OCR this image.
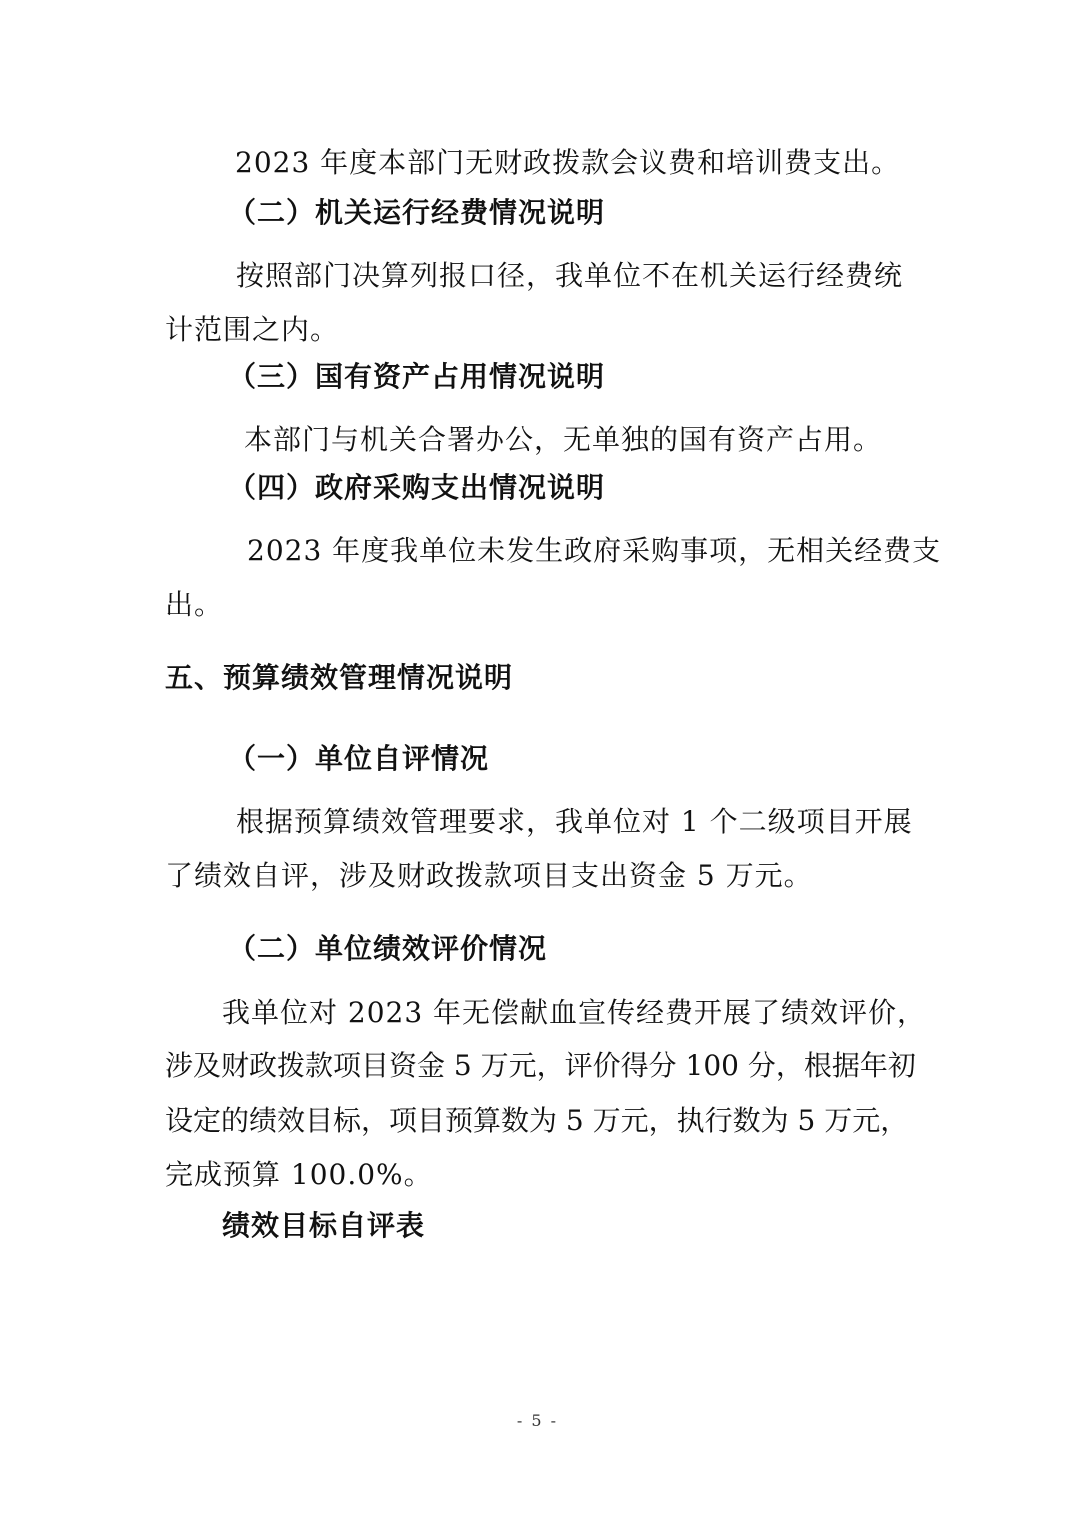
2023 年度本部门无财政拨款会议费和培训费支出。
（二）机关运行经费情况说明
按照部门决算列报口径，我单位不在机关运行经费统
计范围之内。
（三）国有资产占用情况说明
本部门与机关合署办公，无单独的国有资产占用。
（四）政府采购支出情况说明
2023 年度我单位未发生政府采购事项，无相关经费支
出。
五、预算绩效管理情况说明
（一）单位自评情况
根据预算绩效管理要求，我单位对 1 个二级项目开展
了绩效自评，涉及财政拨款项目支出资金 5 万元。
（二）单位绩效评价情况
我单位对 2023 年无偿献血宣传经费开展了绩效评价，
涉及财政拨款项目资金 5 万元，评价得分 100 分，根据年初
设定的绩效目标，项目预算数为 5 万元，执行数为 5 万元，
完成预算 100.0%。
绩效目标自评表
- 5 -
